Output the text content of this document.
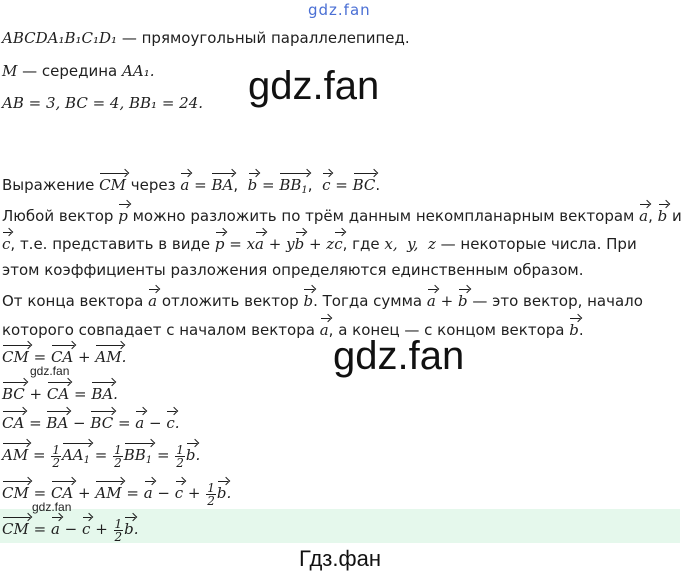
gdz.fan
ABCDA₁B₁C₁D₁ — прямоугольный параллелепипед.
M — середина AA₁.
AB = 3, BC = 4, BB₁ = 24. gdz.fan
Выражение CM через a = BA,  $b = BB_1$,  c = BC.
Любой вектор p можно разложить по трём данным некомпланарным векторам a, b и
c, т.е. представить в виде p = xa + yb + zc, где x,  y,  z — некоторые числа. При
этом коэффициенты разложения определяются единственным образом.
От конца вектора a отложить вектор b. Тогда сумма a + b — это вектор, начало
которого совпадает с началом вектора a, а конец — с концом вектора b.
gdz.fan
CM = CA + AM.
gdz.fan
BC + CA = BA.
CA = BA − BC = a − c.
AM = $\frac{1}{2} AA_1 = \frac{1}{2} BB_1 = \frac{1}{2} b$.
CM = CA + AM = $a - c + \frac{1}{2} b$.
gdz.fan
CM = $a - c + \frac{1}{2} b$.
Гдз.фан
